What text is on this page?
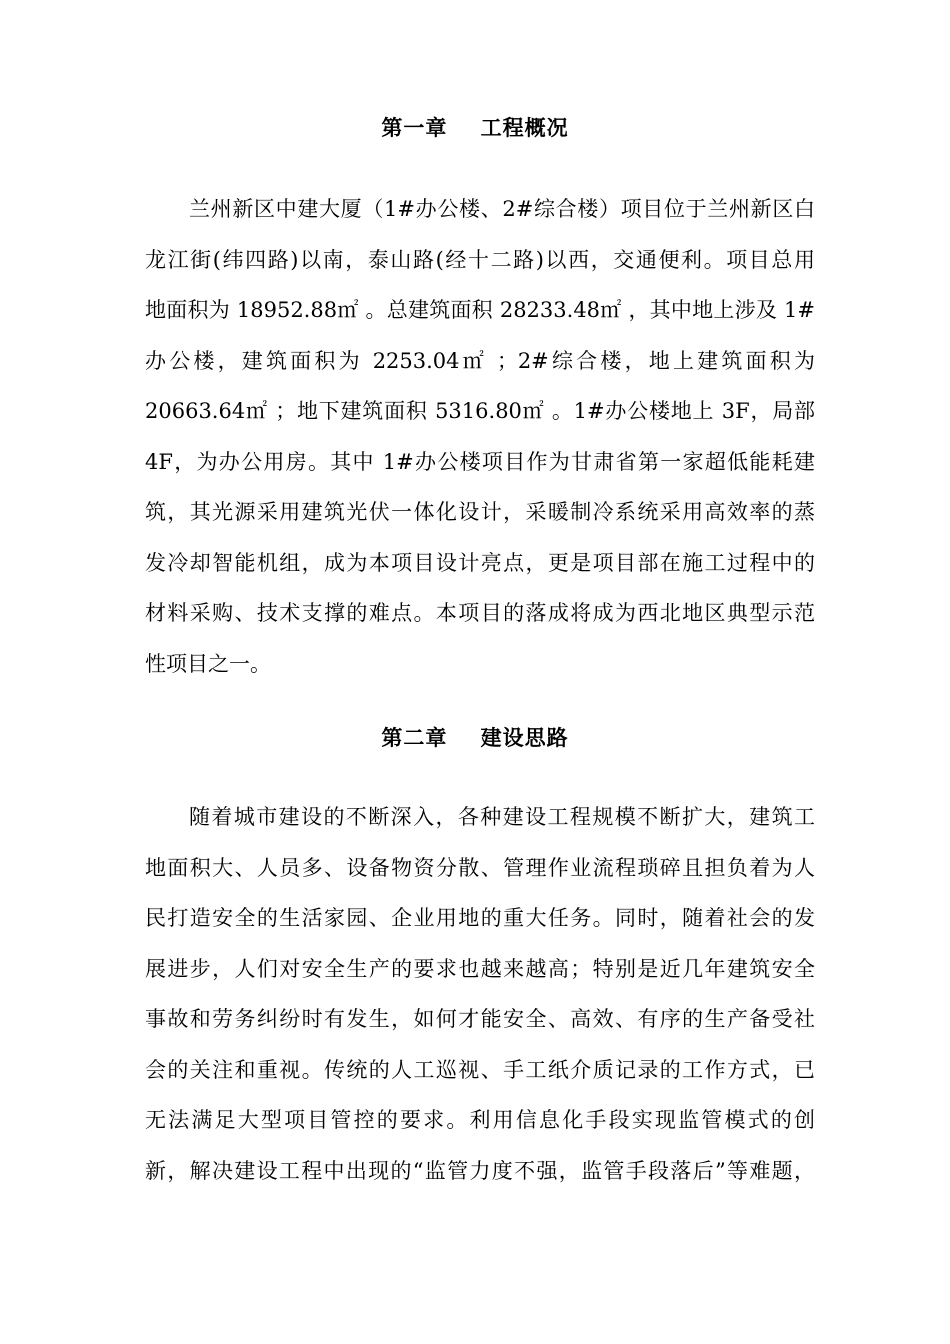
第一章    工程概况
兰州新区中建大厦（1#办公楼、2#综合楼）项目位于兰州新区白
龙江街(纬四路)以南，泰山路(经十二路)以西，交通便利。项目总用
地面积为 18952.88㎡ 。总建筑面积 28233.48㎡ ，其中地上涉及 1#
办公楼，建筑面积为 2253.04㎡ ；2#综合楼，地上建筑面积为
20663.64㎡ ；地下建筑面积 5316.80㎡ 。1#办公楼地上 3F，局部
4F，为办公用房。其中 1#办公楼项目作为甘肃省第一家超低能耗建
筑，其光源采用建筑光伏一体化设计，采暖制冷系统采用高效率的蒸
发冷却智能机组，成为本项目设计亮点，更是项目部在施工过程中的
材料采购、技术支撑的难点。本项目的落成将成为西北地区典型示范
性项目之一。
第二章    建设思路
随着城市建设的不断深入，各种建设工程规模不断扩大，建筑工
地面积大、人员多、设备物资分散、管理作业流程琐碎且担负着为人
民打造安全的生活家园、企业用地的重大任务。同时，随着社会的发
展进步，人们对安全生产的要求也越来越高；特别是近几年建筑安全
事故和劳务纠纷时有发生，如何才能安全、高效、有序的生产备受社
会的关注和重视。传统的人工巡视、手工纸介质记录的工作方式，已
无法满足大型项目管控的要求。利用信息化手段实现监管模式的创
新，解决建设工程中出现的“监管力度不强，监管手段落后”等难题，
